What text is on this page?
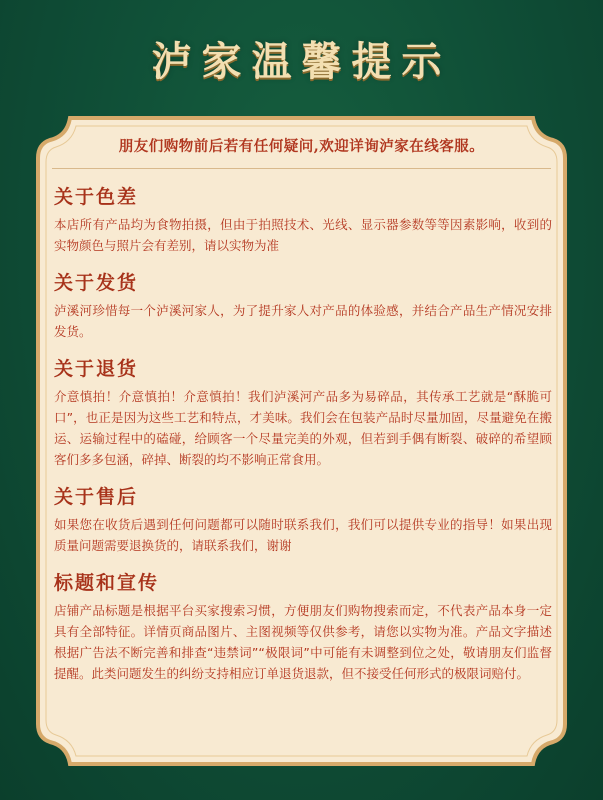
泸家温馨提示
朋友们购物前后若有任何疑问,欢迎详询泸家在线客服。
关于色差

本店所有产品均为食物拍摄，但由于拍照技术、光线、显示器参数等等因素影响，收到的实物颜色与照片会有差别，请以实物为准

关于发货

泸溪河珍惜每一个泸溪河家人，为了提升家人对产品的体验感，并结合产品生产情况安排发货。

关于退货

介意慎拍！介意慎拍！介意慎拍！我们泸溪河产品多为易碎品，其传承工艺就是“酥脆可口”，也正是因为这些工艺和特点，才美味。我们会在包装产品时尽量加固，尽量避免在搬运、运输过程中的磕碰，给顾客一个尽量完美的外观，但若到手偶有断裂、破碎的希望顾客们多多包涵，碎掉、断裂的均不影响正常食用。

关于售后

如果您在收货后遇到任何问题都可以随时联系我们，我们可以提供专业的指导！如果出现质量问题需要退换货的，请联系我们，谢谢

标题和宣传

店铺产品标题是根据平台买家搜索习惯，方便朋友们购物搜索而定，不代表产品本身一定具有全部特征。详情页商品图片、主图视频等仅供参考，请您以实物为准。产品文字描述根据广告法不断完善和排查“违禁词”“极限词”中可能有未调整到位之处，敬请朋友们监督提醒。此类问题发生的纠纷支持相应订单退货退款，但不接受任何形式的极限词赔付。
